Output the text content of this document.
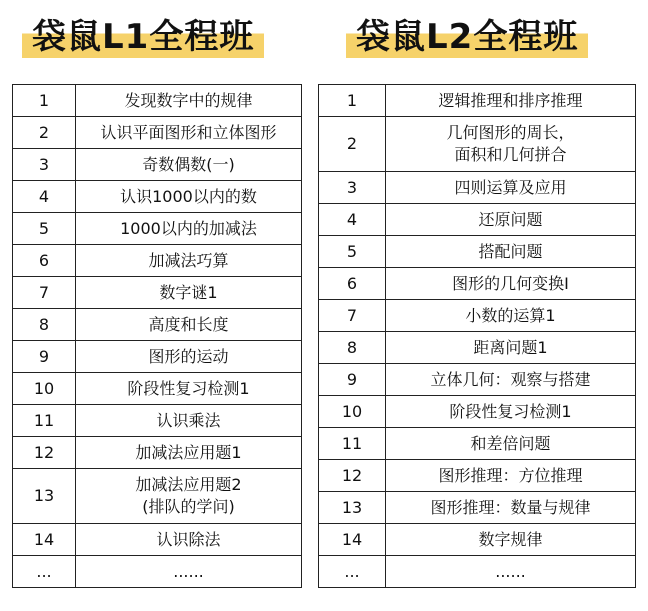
袋鼠L1全程班
1	发现数字中的规律

2	认识平面图形和立体图形

3	奇数偶数(一)

4	认识1000以内的数

5	1000以内的加减法

6	加减法巧算

7	数字谜1

8	高度和长度

9	图形的运动

10	阶段性复习检测1

11	认识乘法

12	加减法应用题1

13	加减法应用题2
(排队的学问)

14	认识除法

...	......
袋鼠L2全程班
1	逻辑推理和排序推理

2	几何图形的周长，
面积和几何拼合

3	四则运算及应用

4	还原问题

5	搭配问题

6	图形的几何变换I

7	小数的运算1

8	距离问题1

9	立体几何：观察与搭建

10	阶段性复习检测1

11	和差倍问题

12	图形推理：方位推理

13	图形推理：数量与规律

14	数字规律

...	......
